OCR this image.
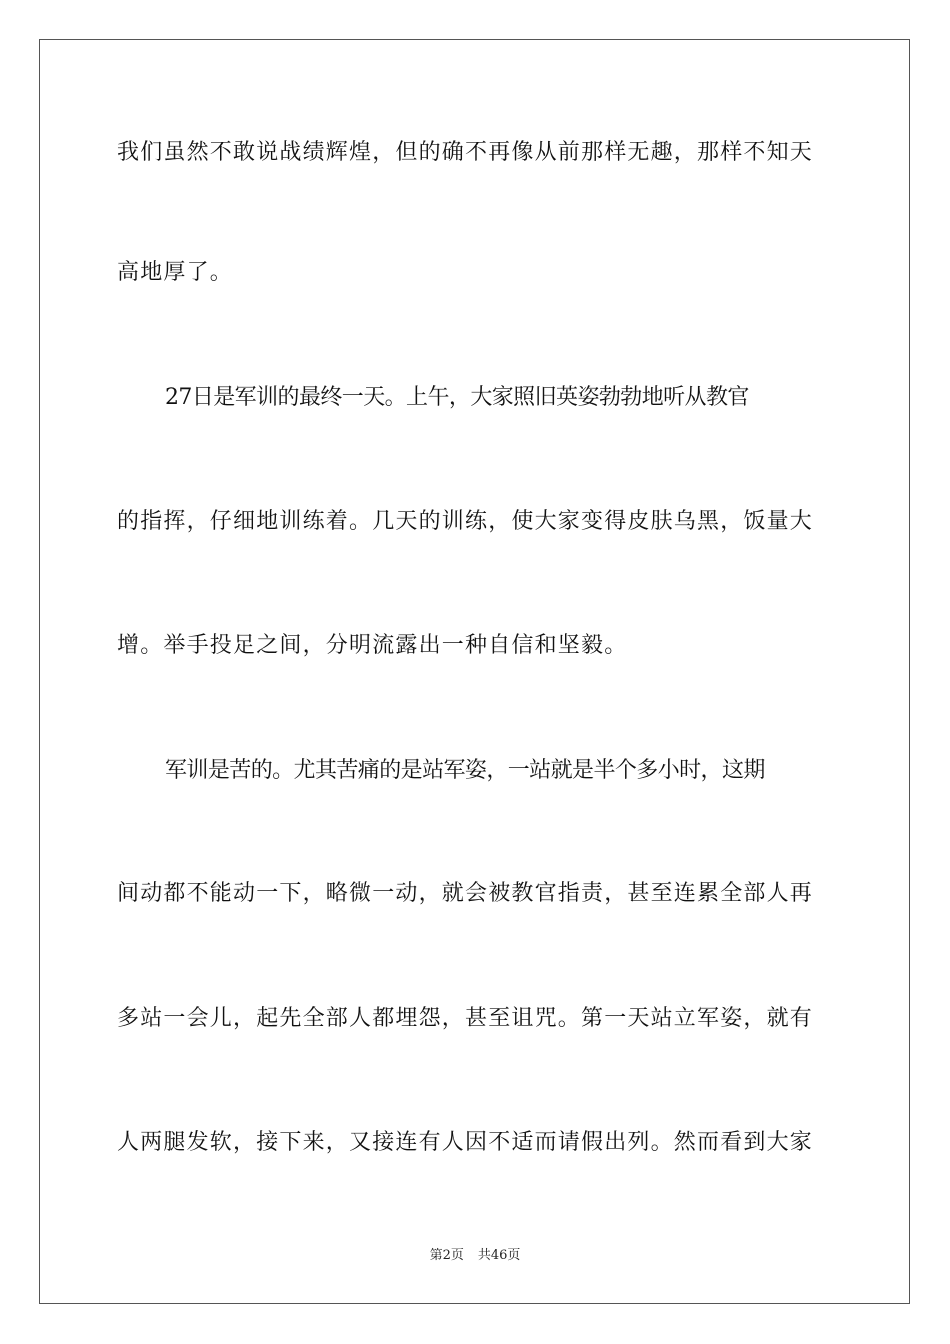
我们虽然不敢说战绩辉煌，但的确不再像从前那样无趣，那样不知天
高地厚了。
27日是军训的最终一天。上午，大家照旧英姿勃勃地听从教官
的指挥，仔细地训练着。几天的训练，使大家变得皮肤乌黑，饭量大
增。举手投足之间，分明流露出一种自信和坚毅。
军训是苦的。尤其苦痛的是站军姿，一站就是半个多小时，这期
间动都不能动一下，略微一动，就会被教官指责，甚至连累全部人再
多站一会儿，起先全部人都埋怨，甚至诅咒。第一天站立军姿，就有
人两腿发软，接下来，又接连有人因不适而请假出列。然而看到大家
第2页 共46页
